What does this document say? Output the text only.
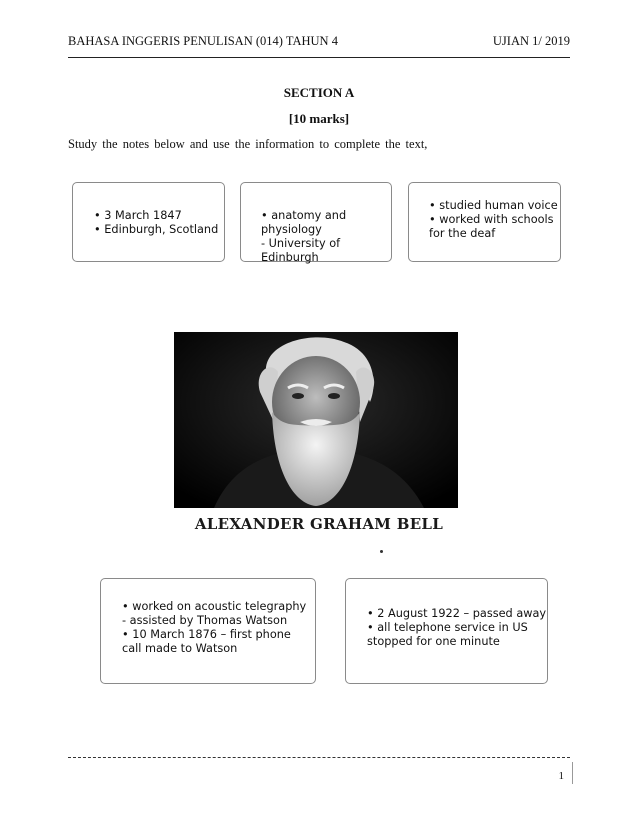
BAHASA INGGERIS PENULISAN (014) TAHUN 4	UJIAN 1/ 2019
SECTION A
[10 marks]
Study the notes below and use the information to complete the text,
• 3 March 1847
• Edinburgh, Scotland
• anatomy and physiology
- University of Edinburgh
• studied human voice
• worked with schools
for the deaf
ALEXANDER GRAHAM BELL
• worked on acoustic telegraphy
- assisted by Thomas Watson
• 10 March 1876 – first phone
call made to Watson
• 2 August 1922 – passed away
• all telephone service in US
stopped for one minute
1
